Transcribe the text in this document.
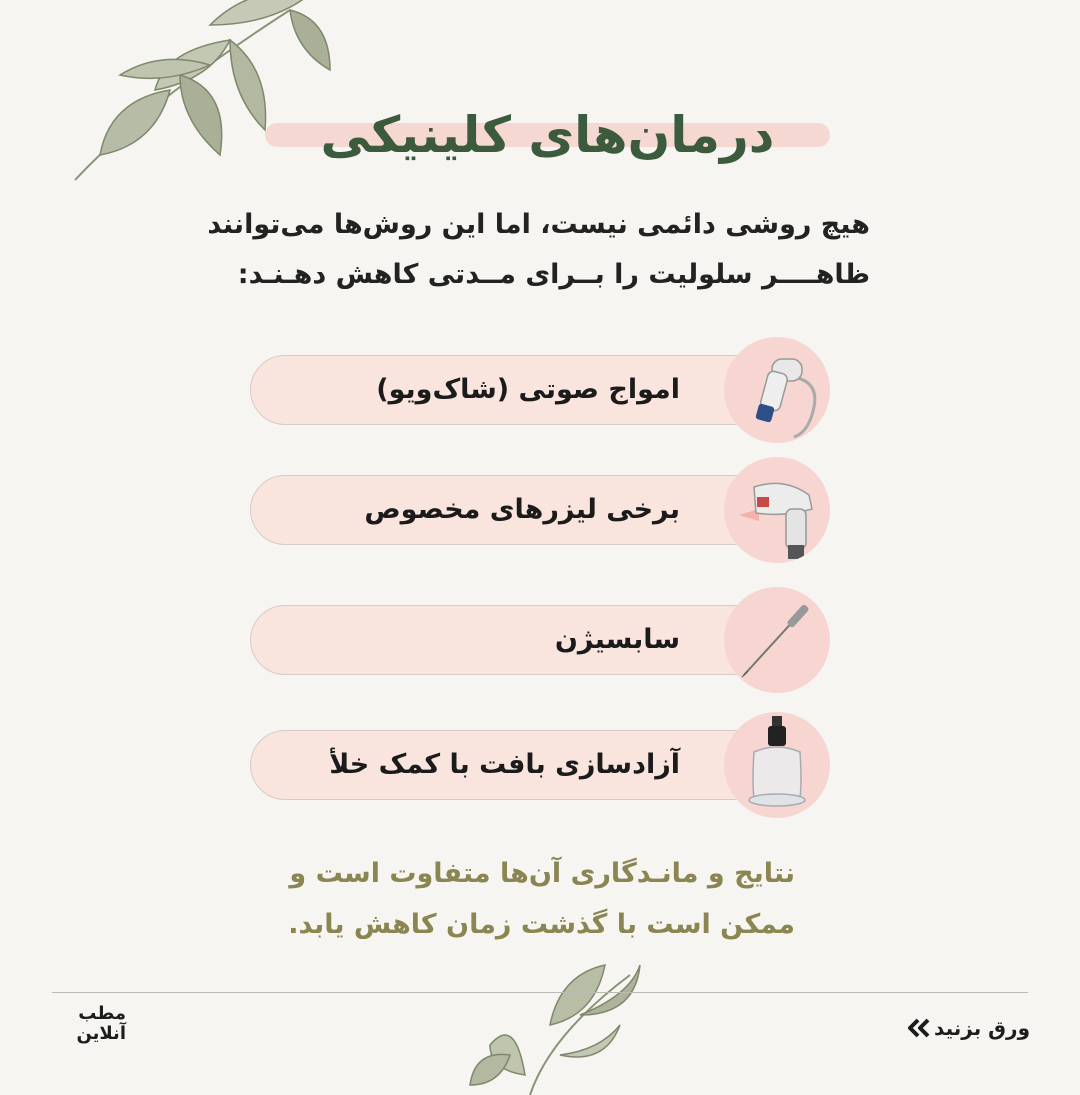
درمان‌های کلینیکی
هیچ روشی دائمی نیست، اما این روش‌ها می‌توانند
ظاهــــر سلولیت را بــرای مــدتی کاهش دهـنـد:
امواج صوتی (شاک‌ویو)
برخی لیزرهای مخصوص
سابسیژن
آزادسازی بافت با کمک خلأ
نتایج و مانـدگاری آن‌ها متفاوت است و
ممکن است با گذشت زمان کاهش یابد.
ورق بزنید
مطب
آنلاین
